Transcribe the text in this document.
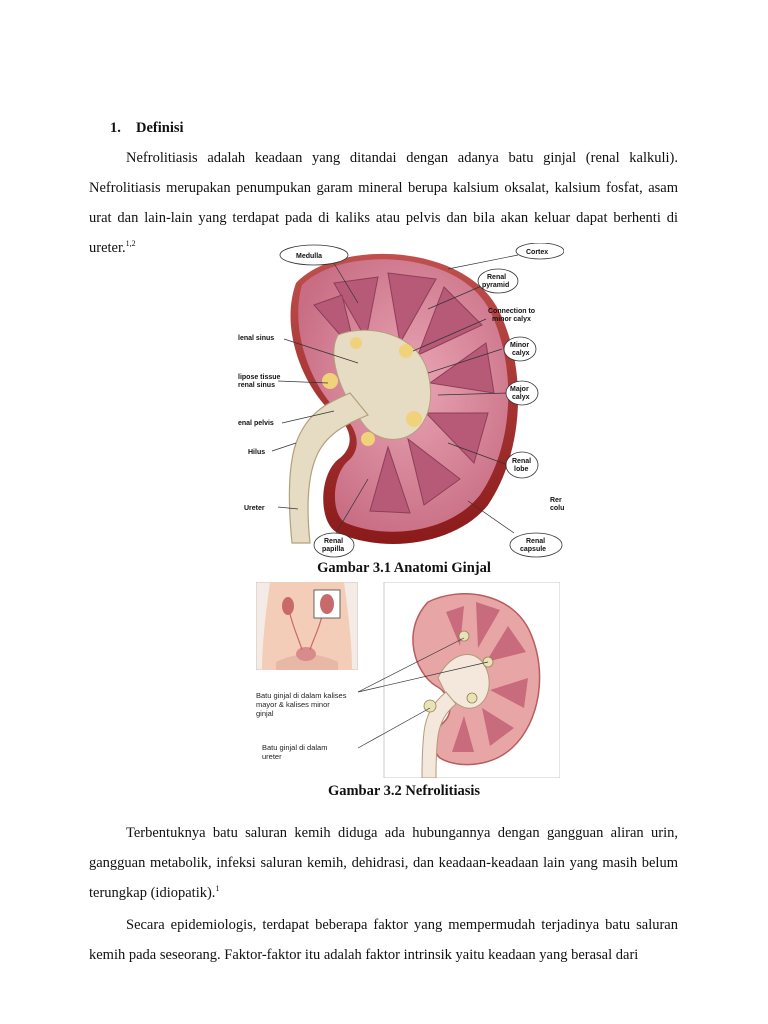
1. Definisi

Nefrolitiasis adalah keadaan yang ditandai dengan adanya batu ginjal (renal kalkuli). Nefrolitiasis merupakan penumpukan garam mineral berupa kalsium oksalat, kalsium fosfat, asam urat dan lain-lain yang terdapat pada di kaliks atau pelvis dan bila akan keluar dapat berhenti di ureter.$^{1,2}$

Medulla
Cortex
Renal
pyramid
Connection to
minor calyx
lenal sinus
Minor
calyx
lipose tissue
renal sinus
Major
calyx
enal pelvis
Hilus
Renal
lobe
Rer
colu
Ureter
Renal
papilla
Renal
capsule

Gambar 3.1 Anatomi Ginjal

Batu ginjal di dalam kalises
mayor & kalises minor
ginjal
Batu ginjal di dalam
ureter

Gambar 3.2 Nefrolitiasis

Terbentuknya batu saluran kemih diduga ada hubungannya dengan gangguan aliran urin, gangguan metabolik, infeksi saluran kemih, dehidrasi, dan keadaan-keadaan lain yang masih belum terungkap (idiopatik).$^1$

Secara epidemiologis, terdapat beberapa faktor yang mempermudah terjadinya batu saluran kemih pada seseorang. Faktor-faktor itu adalah faktor intrinsik yaitu keadaan yang berasal dari
